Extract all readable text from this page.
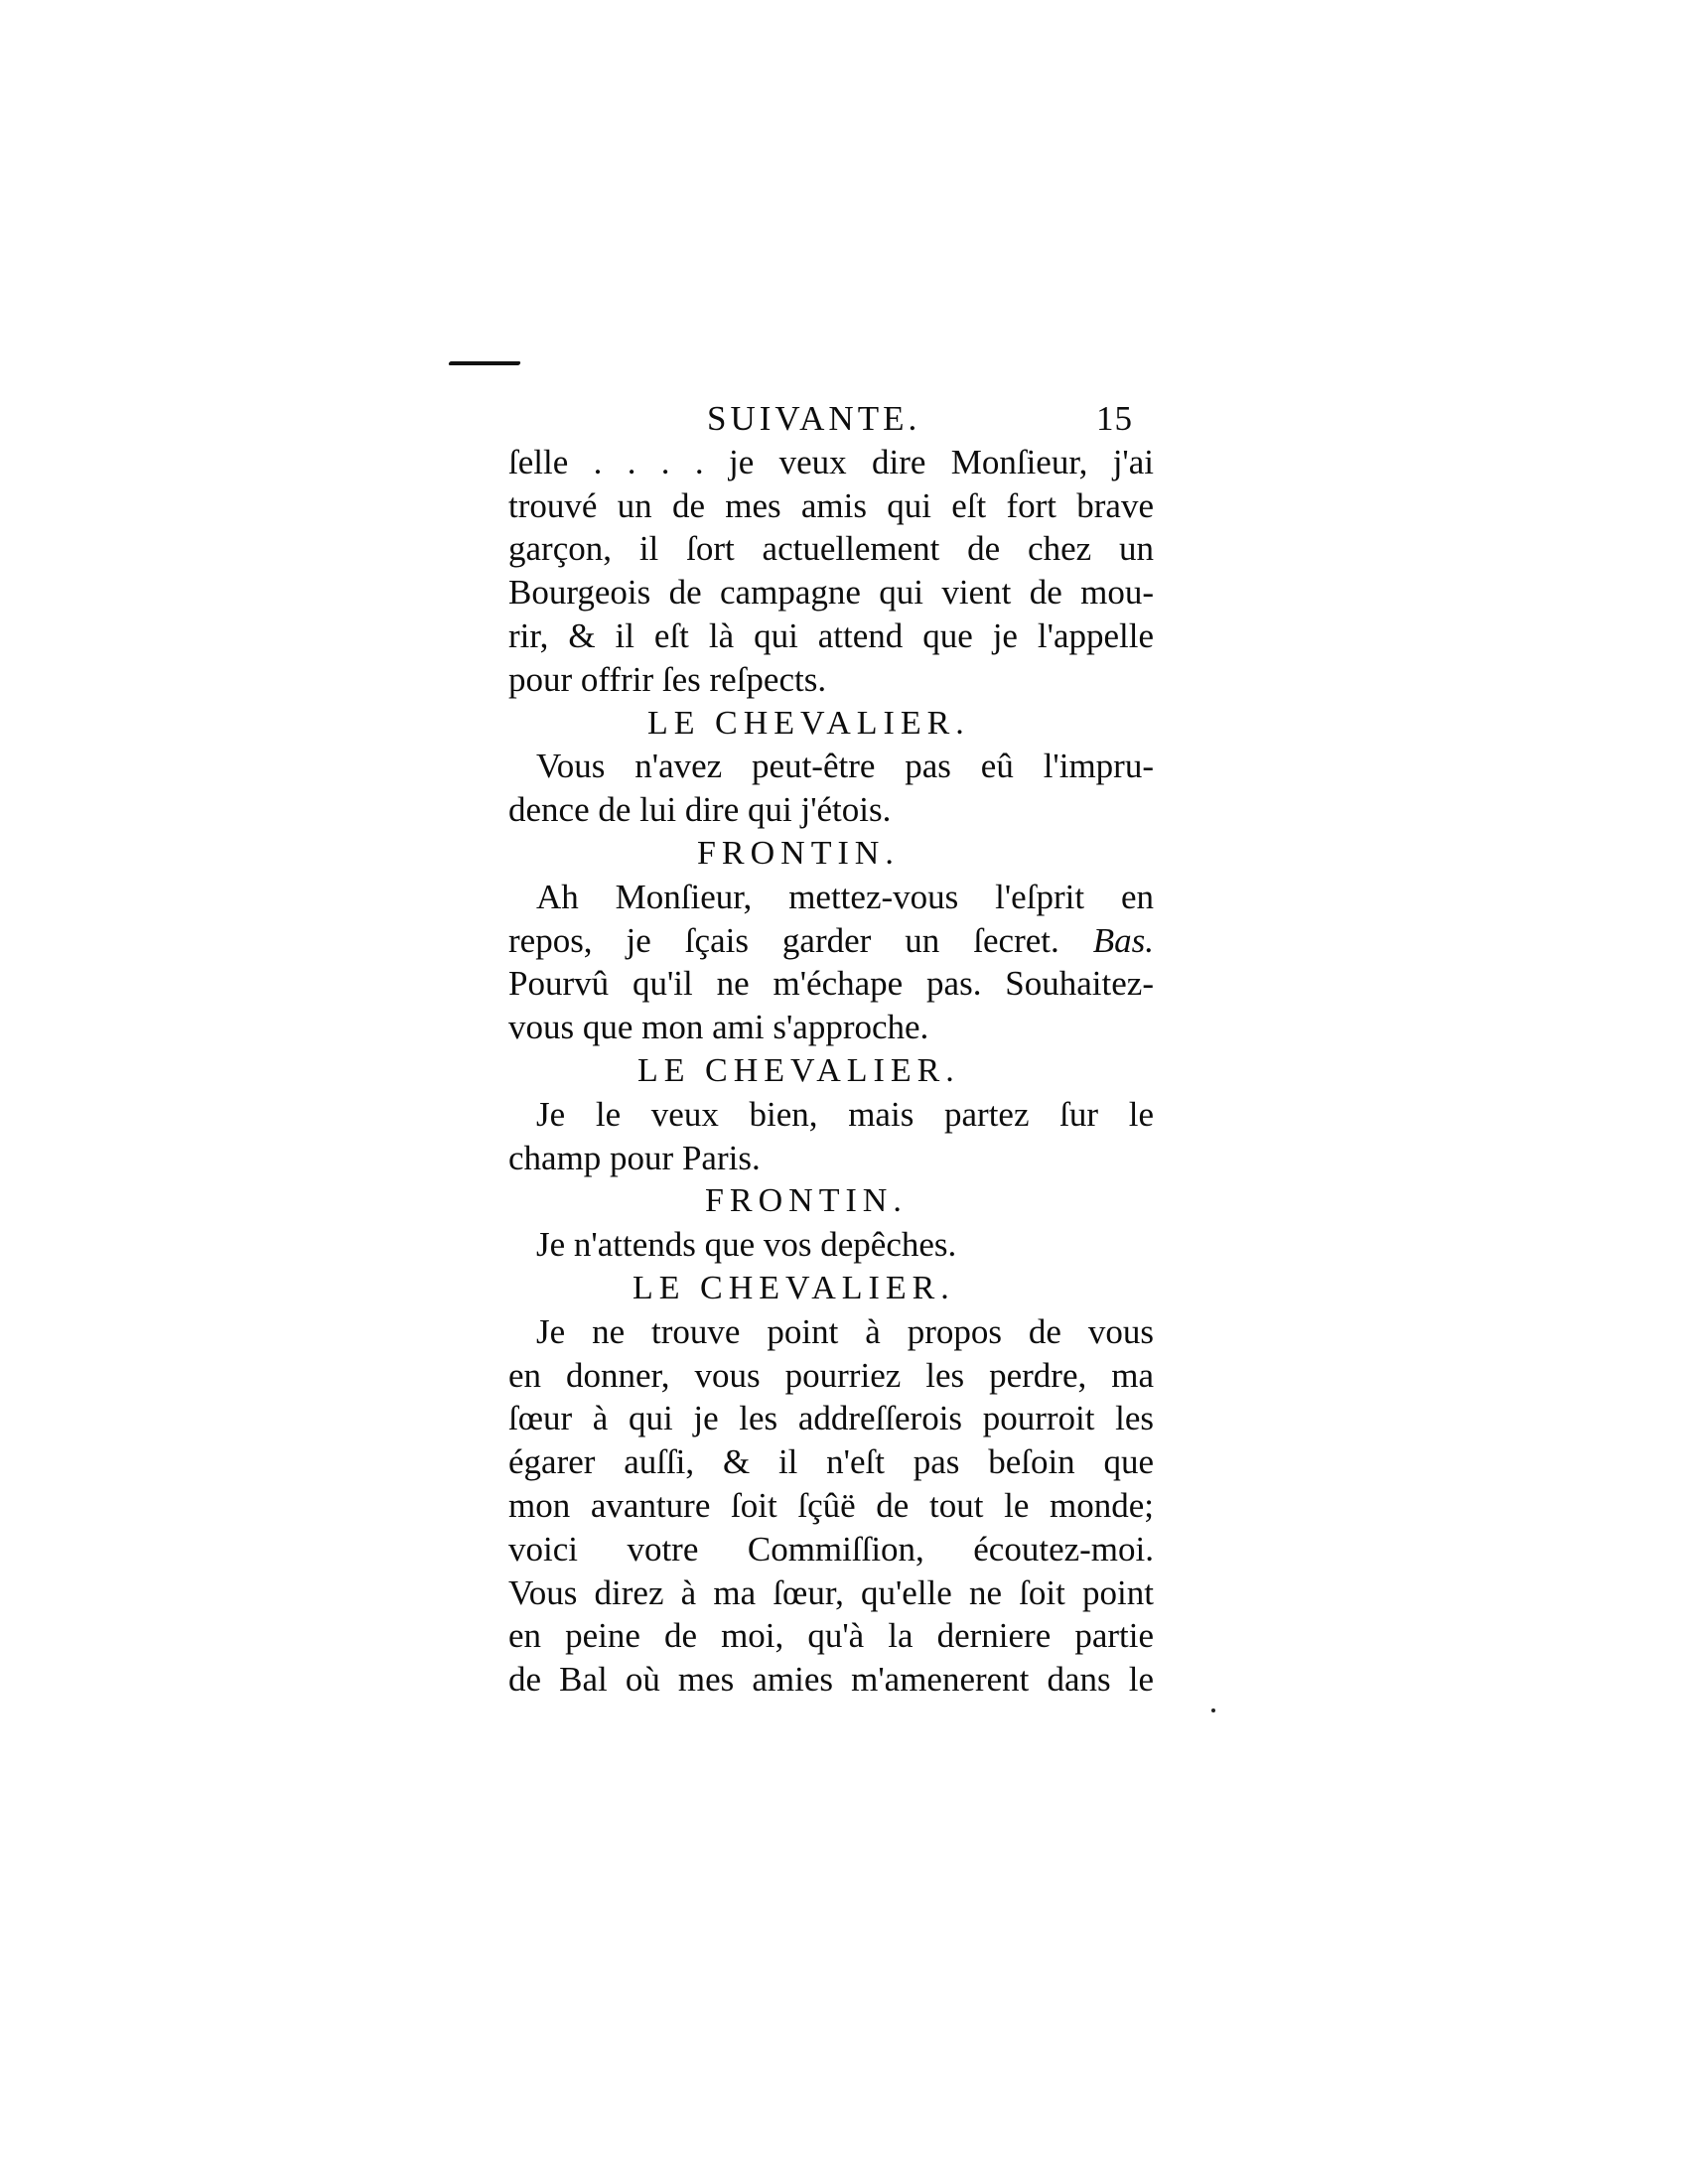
SUIVANTE.	15
ſelle . . . . je veux dire Monſieur, j'ai
trouvé un de mes amis qui eſt fort brave
garçon, il ſort actuellement de chez un
Bourgeois de campagne qui vient de mou-
rir, & il eſt là qui attend que je l'appelle
pour offrir ſes reſpects.
LE CHEVALIER.
Vous n'avez peut-être pas eû l'impru-
dence de lui dire qui j'étois.
FRONTIN.
Ah Monſieur, mettez-vous l'eſprit en
repos, je ſçais garder un ſecret. Bas.
Pourvû qu'il ne m'échape pas. Souhaitez-
vous que mon ami s'approche.
LE CHEVALIER.
Je le veux bien, mais partez ſur le
champ pour Paris.
FRONTIN.
Je n'attends que vos depêches.
LE CHEVALIER.
Je ne trouve point à propos de vous
en donner, vous pourriez les perdre, ma
ſœur à qui je les addreſſerois pourroit les
égarer auſſi, & il n'eſt pas beſoin que
mon avanture ſoit ſçûë de tout le monde;
voici votre Commiſſion, écoutez-moi.
Vous direz à ma ſœur, qu'elle ne ſoit point
en peine de moi, qu'à la derniere partie
de Bal où mes amies m'amenerent dans le
